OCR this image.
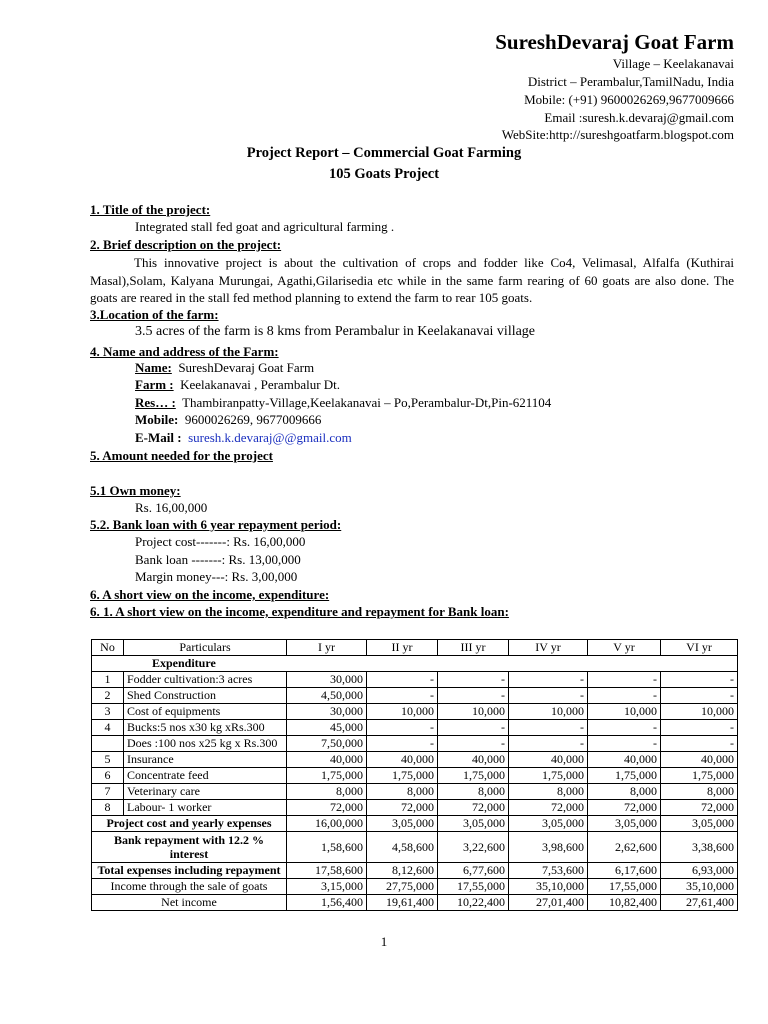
SureshDevaraj Goat Farm
Village – Keelakanavai
District – Perambalur,TamilNadu, India
Mobile: (+91) 9600026269,9677009666
Email :suresh.k.devaraj@gmail.com
WebSite:http://sureshgoatfarm.blogspot.com
Project Report – Commercial Goat Farming
105 Goats Project
1. Title of the project:
Integrated stall fed goat and agricultural farming .
2. Brief description on the project:
This innovative project is about the cultivation of crops and fodder like Co4, Velimasal, Alfalfa (Kuthirai Masal),Solam, Kalyana Murungai, Agathi,Gilarisedia etc while in the same farm rearing of 60 goats are also done. The goats are reared in the stall fed method planning to extend the farm to rear 105 goats.
3.Location of the farm:
3.5 acres of the farm is 8 kms from Perambalur in Keelakanavai village
4. Name and address of the Farm:
Name: SureshDevaraj Goat Farm
Farm : Keelakanavai , Perambalur Dt.
Res… : Thambiranpatty-Village,Keelakanavai – Po,Perambalur-Dt,Pin-621104
Mobile: 9600026269, 9677009666
E-Mail : suresh.k.devaraj@@gmail.com
5. Amount needed for the project
5.1 Own money:
Rs. 16,00,000
5.2. Bank loan with 6 year repayment period:
Project cost-------: Rs. 16,00,000
Bank loan -------: Rs. 13,00,000
Margin money---: Rs. 3,00,000
6. A short view on the income, expenditure:
6. 1. A short view on the income, expenditure and repayment for Bank loan:
No	Particulars	I yr	II yr	III yr	IV yr	V yr	VI yr
Expenditure							
1	Fodder cultivation:3 acres	30,000	-	-	-	-	-
2	Shed Construction	4,50,000	-	-	-	-	-
3	Cost of equipments	30,000	10,000	10,000	10,000	10,000	10,000
4	Bucks:5 nos x30 kg xRs.300	45,000	-	-	-	-	-
	Does :100 nos x25 kg x Rs.300	7,50,000	-	-	-	-	-
5	Insurance	40,000	40,000	40,000	40,000	40,000	40,000
6	Concentrate feed	1,75,000	1,75,000	1,75,000	1,75,000	1,75,000	1,75,000
7	Veterinary care	8,000	8,000	8,000	8,000	8,000	8,000
8	Labour- 1 worker	72,000	72,000	72,000	72,000	72,000	72,000
Project cost and yearly expenses		16,00,000	3,05,000	3,05,000	3,05,000	3,05,000	3,05,000
Bank repayment with 12.2 % interest		1,58,600	4,58,600	3,22,600	3,98,600	2,62,600	3,38,600
Total expenses including repayment		17,58,600	8,12,600	6,77,600	7,53,600	6,17,600	6,93,000
Income through the sale of goats		3,15,000	27,75,000	17,55,000	35,10,000	17,55,000	35,10,000
Net income		1,56,400	19,61,400	10,22,400	27,01,400	10,82,400	27,61,400
1
